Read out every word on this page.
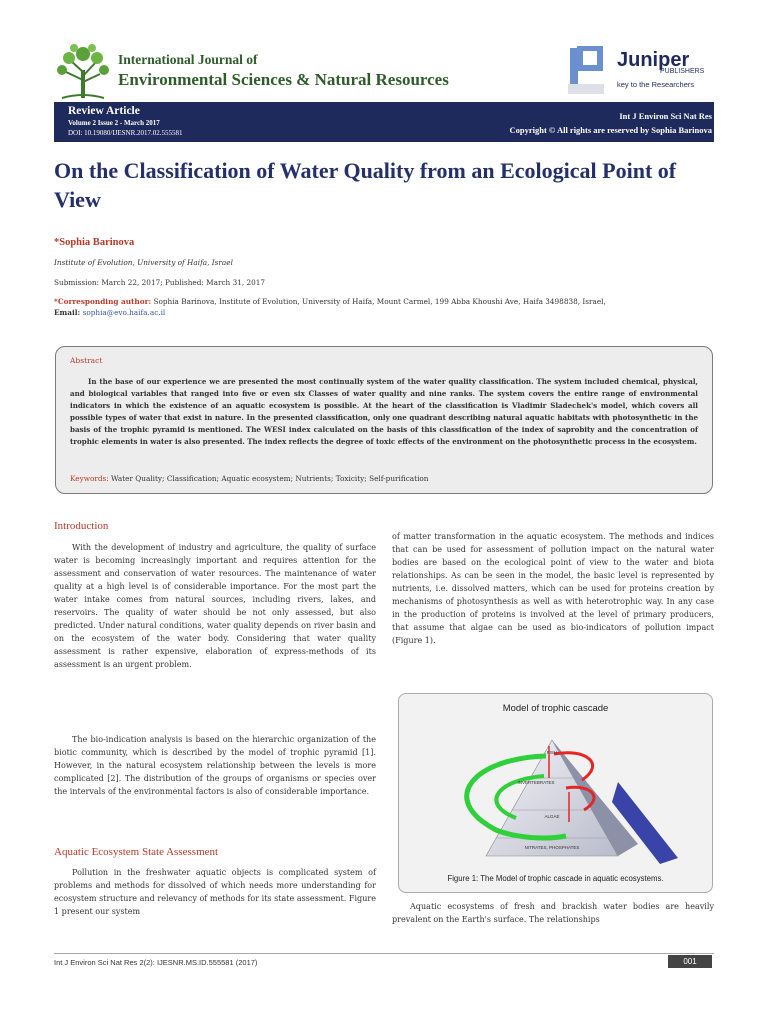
International Journal of
Environmental Sciences & Natural Resources
Juniper
PUBLISHERS
key to the Researchers
Review Article
Volume 2 Issue 2 - March 2017
DOI: 10.19080/IJESNR.2017.02.555581
Int J Environ Sci Nat Res
Copyright © All rights are reserved by Sophia Barinova
On the Classification of Water Quality from an Ecological Point of View
*Sophia Barinova
Institute of Evolution, University of Haifa, Israel
Submission: March 22, 2017; Published: March 31, 2017
*Corresponding author: Sophia Barinova, Institute of Evolution, University of Haifa, Mount Carmel, 199 Abba Khoushi Ave, Haifa 3498838, Israel,
Email: sophia@evo.haifa.ac.il
Abstract

In the base of our experience we are presented the most continually system of the water quality classification. The system included chemical, physical, and biological variables that ranged into five or even six Classes of water quality and nine ranks. The system covers the entire range of environmental indicators in which the existence of an aquatic ecosystem is possible. At the heart of the classification is Vladimir Sladechek's model, which covers all possible types of water that exist in nature. In the presented classification, only one quadrant describing natural aquatic habitats with photosynthetic in the basis of the trophic pyramid is mentioned. The WESI index calculated on the basis of this classification of the index of saprobity and the concentration of trophic elements in water is also presented. The index reflects the degree of toxic effects of the environment on the photosynthetic process in the ecosystem.

Keywords: Water Quality; Classification; Aquatic ecosystem; Nutrients; Toxicity; Self-purification
Introduction

With the development of industry and agriculture, the quality of surface water is becoming increasingly important and requires attention for the assessment and conservation of water resources. The maintenance of water quality at a high level is of considerable importance. For the most part the water intake comes from natural sources, including rivers, lakes, and reservoirs. The quality of water should be not only assessed, but also predicted. Under natural conditions, water quality depends on river basin and on the ecosystem of the water body. Considering that water quality assessment is rather expensive, elaboration of express-methods of its assessment is an urgent problem.

The bio-indication analysis is based on the hierarchic organization of the biotic community, which is described by the model of trophic pyramid [1]. However, in the natural ecosystem relationship between the levels is more complicated [2]. The distribution of the groups of organisms or species over the intervals of the environmental factors is also of considerable importance.

Aquatic Ecosystem State Assessment

Pollution in the freshwater aquatic objects is complicated system of problems and methods for dissolved of which needs more understanding for ecosystem structure and relevancy of methods for its state assessment. Figure 1 present our system

of matter transformation in the aquatic ecosystem. The methods and indices that can be used for assessment of pollution impact on the natural water bodies are based on the ecological point of view to the water and biota relationships. As can be seen in the model, the basic level is represented by nutrients, i.e. dissolved matters, which can be used for proteins creation by mechanisms of photosynthesis as well as with heterotrophic way. In any case in the production of proteins is involved at the level of primary producers, that assume that algae can be used as bio-indicators of pollution impact (Figure 1).

Model of trophic cascade
FISH
INVERTEBRATES
ALGAE
NITRATES, PHOSPHATES
Figure 1: The Model of trophic cascade in aquatic ecosystems.

Aquatic ecosystems of fresh and brackish water bodies are heavily prevalent on the Earth's surface. The relationships

Int J Environ Sci Nat Res 2(2): IJESNR.MS.ID.555581 (2017)	001
